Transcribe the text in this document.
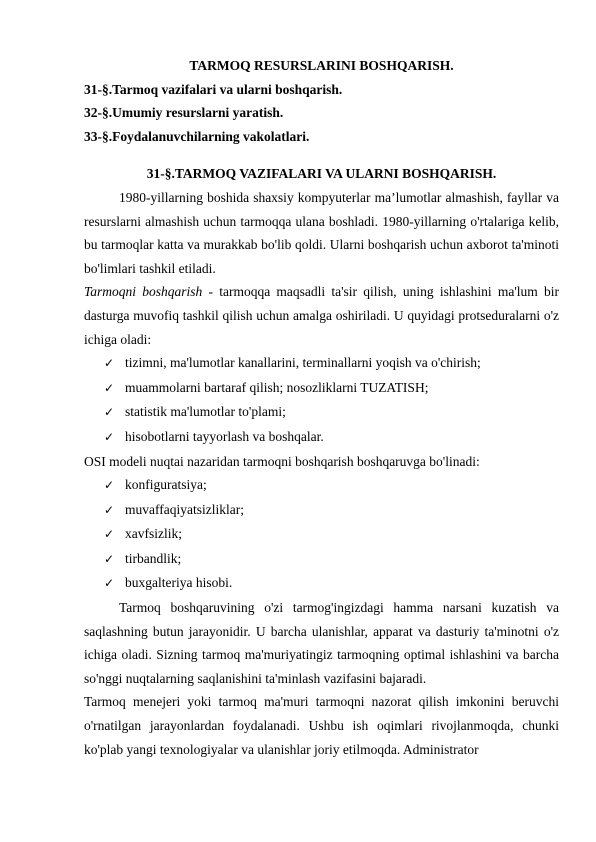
TARMOQ RESURSLARINI BOSHQARISH.
31-§.Tarmoq vazifalari va ularni boshqarish.
32-§.Umumiy resurslarni yaratish.
33-§.Foydalanuvchilarning vakolatlari.
31-§.TARMOQ VAZIFALARI VA ULARNI BOSHQARISH.

1980-yillarning boshida shaxsiy kompyuterlar ma’lumotlar almashish, fayllar va resurslarni almashish uchun tarmoqqa ulana boshladi. 1980-yillarning o'rtalariga kelib, bu tarmoqlar katta va murakkab bo'lib qoldi. Ularni boshqarish uchun axborot ta'minoti bo'limlari tashkil etiladi.

Tarmoqni boshqarish - tarmoqqa maqsadli ta'sir qilish, uning ishlashini ma'lum bir dasturga muvofiq tashkil qilish uchun amalga oshiriladi. U quyidagi protseduralarni o'z ichiga oladi:

✓ tizimni, ma'lumotlar kanallarini, terminallarni yoqish va o'chirish;
✓ muammolarni bartaraf qilish; nosozliklarni TUZATISH;
✓ statistik ma'lumotlar to'plami;
✓ hisobotlarni tayyorlash va boshqalar.

OSI modeli nuqtai nazaridan tarmoqni boshqarish boshqaruvga bo'linadi:

✓ konfiguratsiya;
✓ muvaffaqiyatsizliklar;
✓ xavfsizlik;
✓ tirbandlik;
✓ buxgalteriya hisobi.

Tarmoq boshqaruvining o'zi tarmog'ingizdagi hamma narsani kuzatish va saqlashning butun jarayonidir. U barcha ulanishlar, apparat va dasturiy ta'minotni o'z ichiga oladi. Sizning tarmoq ma'muriyatingiz tarmoqning optimal ishlashini va barcha so'nggi nuqtalarning saqlanishini ta'minlash vazifasini bajaradi.

Tarmoq menejeri yoki tarmoq ma'muri tarmoqni nazorat qilish imkonini beruvchi o'rnatilgan jarayonlardan foydalanadi. Ushbu ish oqimlari rivojlanmoqda, chunki ko'plab yangi texnologiyalar va ulanishlar joriy etilmoqda. Administrator
